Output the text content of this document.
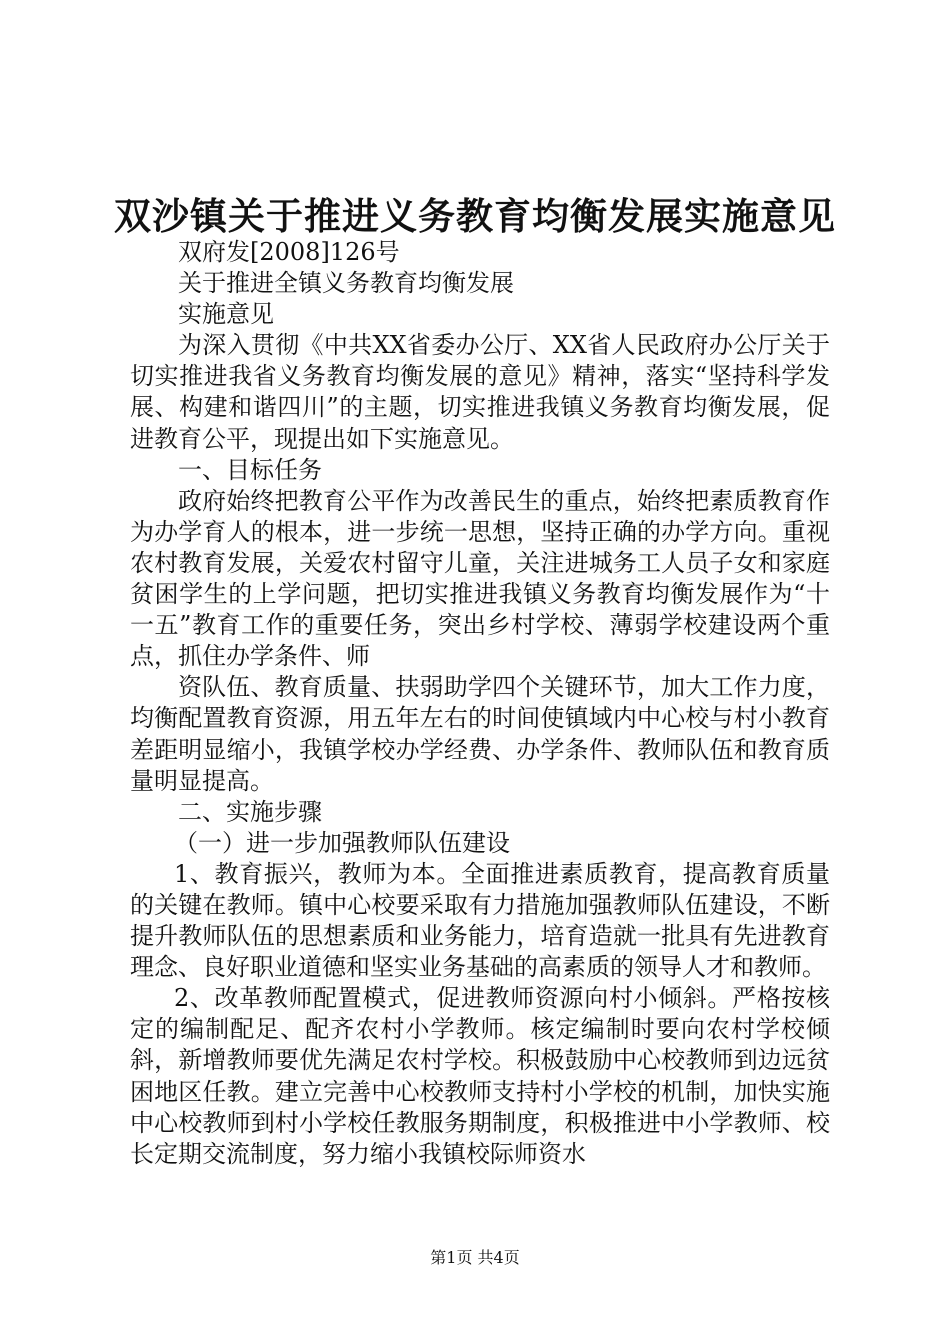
双沙镇关于推进义务教育均衡发展实施意见

双府发[2008]126号

关于推进全镇义务教育均衡发展

实施意见

为深入贯彻《中共XX省委办公厅、XX省人民政府办公厅关于切实推进我省义务教育均衡发展的意见》精神，落实“坚持科学发展、构建和谐四川”的主题，切实推进我镇义务教育均衡发展，促进教育公平，现提出如下实施意见。

一、目标任务

政府始终把教育公平作为改善民生的重点，始终把素质教育作为办学育人的根本，进一步统一思想，坚持正确的办学方向。重视农村教育发展，关爱农村留守儿童，关注进城务工人员子女和家庭贫困学生的上学问题，把切实推进我镇义务教育均衡发展作为“十一五”教育工作的重要任务，突出乡村学校、薄弱学校建设两个重点，抓住办学条件、师

资队伍、教育质量、扶弱助学四个关键环节，加大工作力度，均衡配置教育资源，用五年左右的时间使镇域内中心校与村小教育差距明显缩小，我镇学校办学经费、办学条件、教师队伍和教育质量明显提高。

二、实施步骤

（一）进一步加强教师队伍建设

1、教育振兴，教师为本。全面推进素质教育，提高教育质量的关键在教师。镇中心校要采取有力措施加强教师队伍建设，不断提升教师队伍的思想素质和业务能力，培育造就一批具有先进教育理念、良好职业道德和坚实业务基础的高素质的领导人才和教师。

2、改革教师配置模式，促进教师资源向村小倾斜。严格按核定的编制配足、配齐农村小学教师。核定编制时要向农村学校倾斜，新增教师要优先满足农村学校。积极鼓励中心校教师到边远贫困地区任教。建立完善中心校教师支持村小学校的机制，加快实施中心校教师到村小学校任教服务期制度，积极推进中小学教师、校长定期交流制度，努力缩小我镇校际师资水

第1页 共4页
